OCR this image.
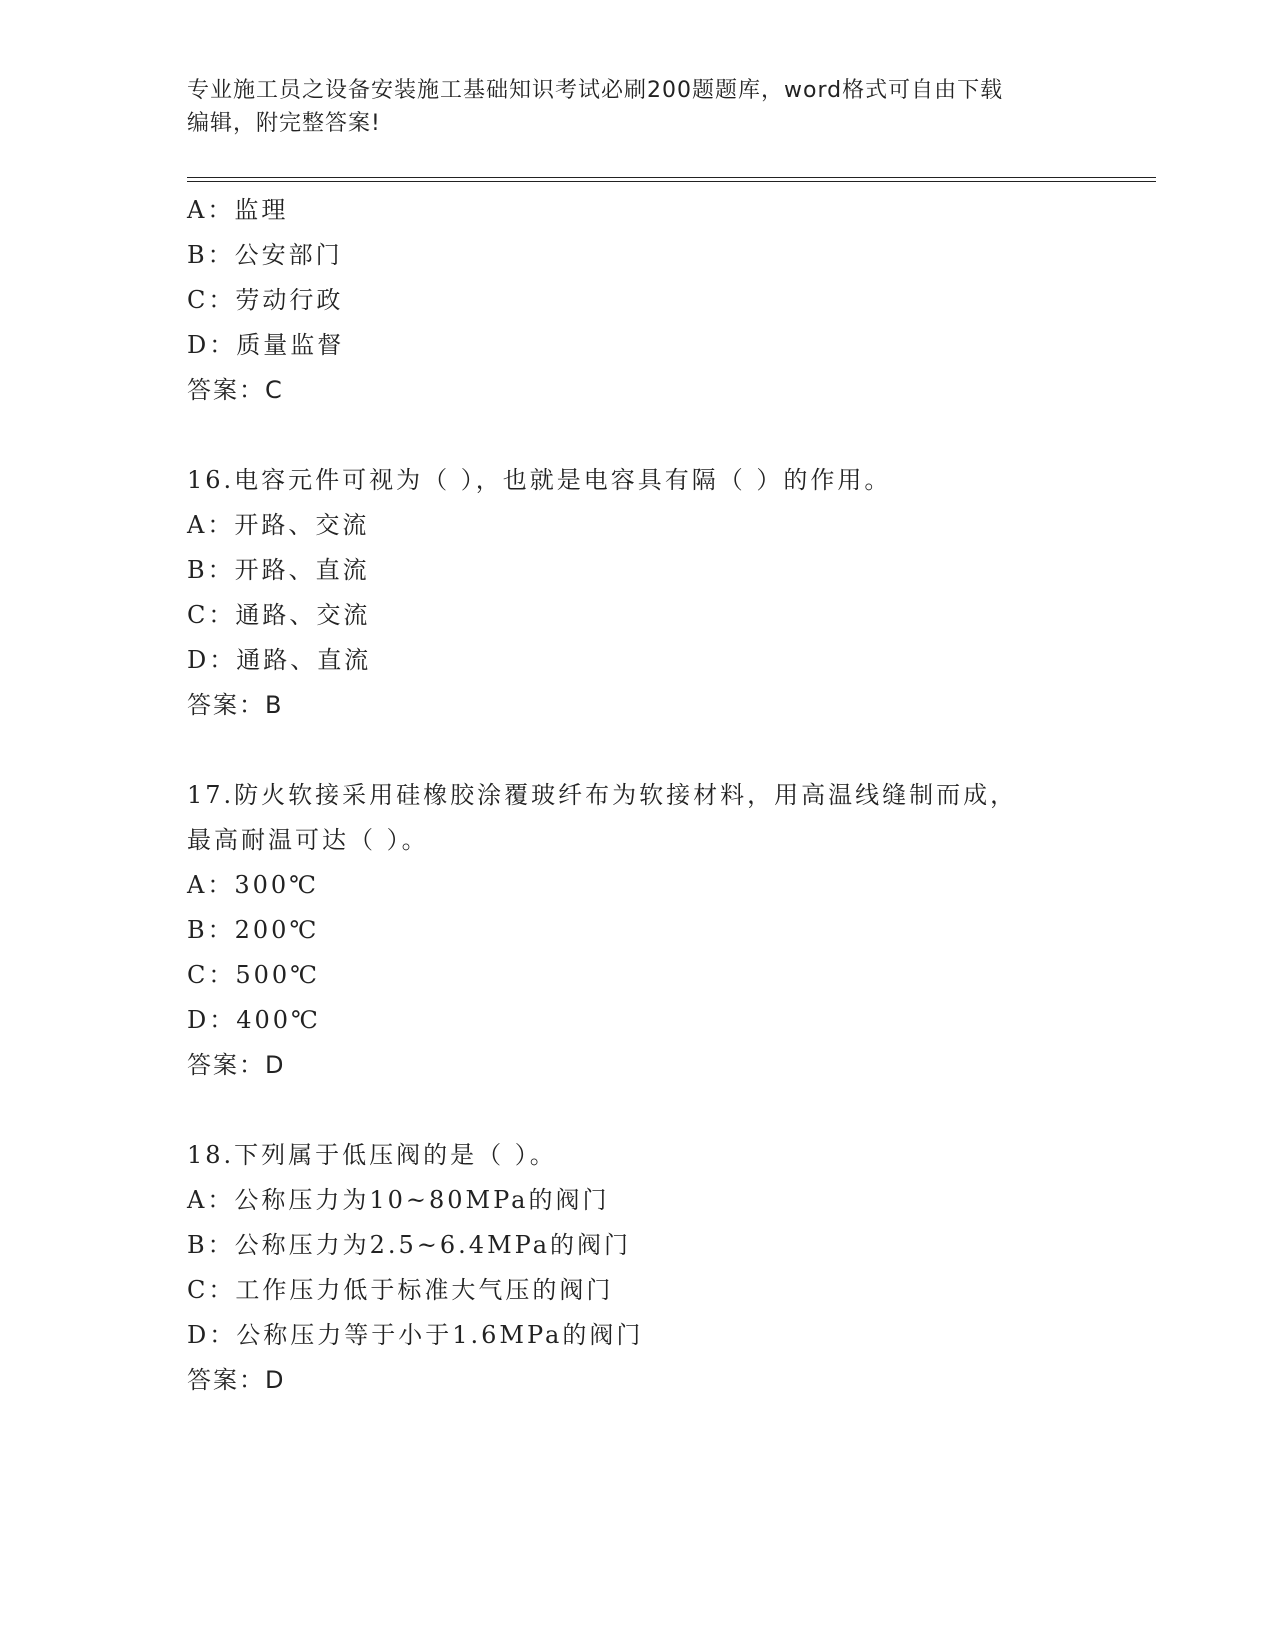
专业施工员之设备安装施工基础知识考试必刷200题题库，word格式可自由下载
编辑，附完整答案!
A：监理
B：公安部门
C：劳动行政
D：质量监督
答案：C
16.电容元件可视为（ ），也就是电容具有隔（ ）的作用。
A：开路、交流
B：开路、直流
C：通路、交流
D：通路、直流
答案：B
17.防火软接采用硅橡胶涂覆玻纤布为软接材料，用高温线缝制而成，
最高耐温可达（ ）。
A：300℃
B：200℃
C：500℃
D：400℃
答案：D
18.下列属于低压阀的是（ ）。
A：公称压力为10~80MPa的阀门
B：公称压力为2.5~6.4MPa的阀门
C：工作压力低于标准大气压的阀门
D：公称压力等于小于1.6MPa的阀门
答案：D
